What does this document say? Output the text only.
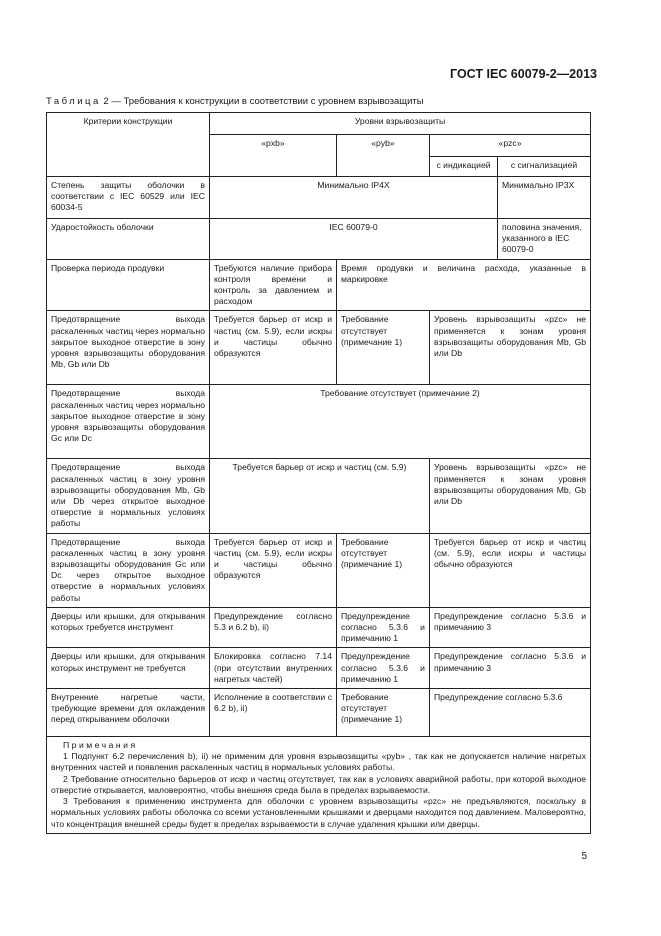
ГОСТ IEC 60079-2—2013
Таблица 2 — Требования к конструкции в соответствии с уровнем взрывозащиты
Критерии конструкции	Уровни взрывозащиты			
	«pxb»	«pyb»	«pzc»	
			с индикацией	с сигнализацией
Степень защиты оболочки в соответствии с IEC 60529 или IEC 60034-5	Минимально IP4X			Минимально IP3X
Ударостойкость оболочки	IEC 60079-0			половина значения, указанного в IEC 60079-0
Проверка периода продувки	Требуются наличие прибора контроля времени и контроль за давлением и расходом	Время продувки и величина расхода, указанные в маркировке		
Предотвращение выхода раскаленных частиц через нормально закрытое выходное отверстие в зону уровня взрывозащиты оборудования Mb, Gb или Db	Требуется барьер от искр и частиц (см. 5.9), если искры и частицы обычно образуются	Требование отсутствует (примечание 1)	Уровень взрывозащиты «pzc» не применяется к зонам уровня взрывозащиты оборудования Mb, Gb или Db	
Предотвращение выхода раскаленных частиц через нормально закрытое выходное отверстие в зону уровня взрывозащиты оборудования Gc или Dc	Требование отсутствует (примечание 2)			
Предотвращение выхода раскаленных частиц в зону уровня взрывозащиты оборудования Mb, Gb или Db через открытое выходное отверстие в нормальных условиях работы	Требуется барьер от искр и частиц (см. 5.9)		Уровень взрывозащиты «pzc» не применяется к зонам уровня взрывозащиты оборудования Mb, Gb или Db	
Предотвращение выхода раскаленных частиц в зону уровня взрывозащиты оборудования Gc или Dc через открытое выходное отверстие в нормальных условиях работы	Требуется барьер от искр и частиц (см. 5.9), если искры и частицы обычно образуются	Требование отсутствует (примечание 1)	Требуется барьер от искр и частиц (см. 5.9), если искры и частицы обычно образуются	
Дверцы или крышки, для открывания которых требуется инструмент	Предупреждение согласно 5.3 и 6.2 b), ii)	Предупреждение согласно 5.3.6 и примечанию 1	Предупреждение согласно 5.3.6 и примечанию 3	
Дверцы или крышки, для открывания которых инструмент не требуется	Блокировка согласно 7.14 (при отсутствии внутренних нагретых частей)	Предупреждение согласно 5.3.6 и примечанию 1	Предупреждение согласно 5.3.6 и примечанию 3	
Внутренние нагретые части, требующие времени для охлаждения перед открыванием оболочки	Исполнение в соответствии с 6.2 b), ii)	Требование отсутствует (примечание 1)	Предупреждение согласно 5.3.6	

Примечания

1 Подпункт 6.2 перечисления b), ii) не применим для уровня взрывозащиты «pyb» , так как не допускается наличие нагретых внутренних частей и появления раскаленных частиц в нормальных условиях работы.

2 Требование относительно барьеров от искр и частиц отсутствует, так как в условиях аварийной работы, при которой выходное отверстие открывается, маловероятно, чтобы внешняя среда была в пределах взрываемости.

3 Требования к применению инструмента для оболочки с уровнем взрывозащиты «pzc» не предъявляются, поскольку в нормальных условиях работы оболочка со всеми установленными крышками и дверцами находится под давлением. Маловероятно, что концентрация внешней среды будет в пределах взрываемости в случае удаления крышки или дверцы.				

5
